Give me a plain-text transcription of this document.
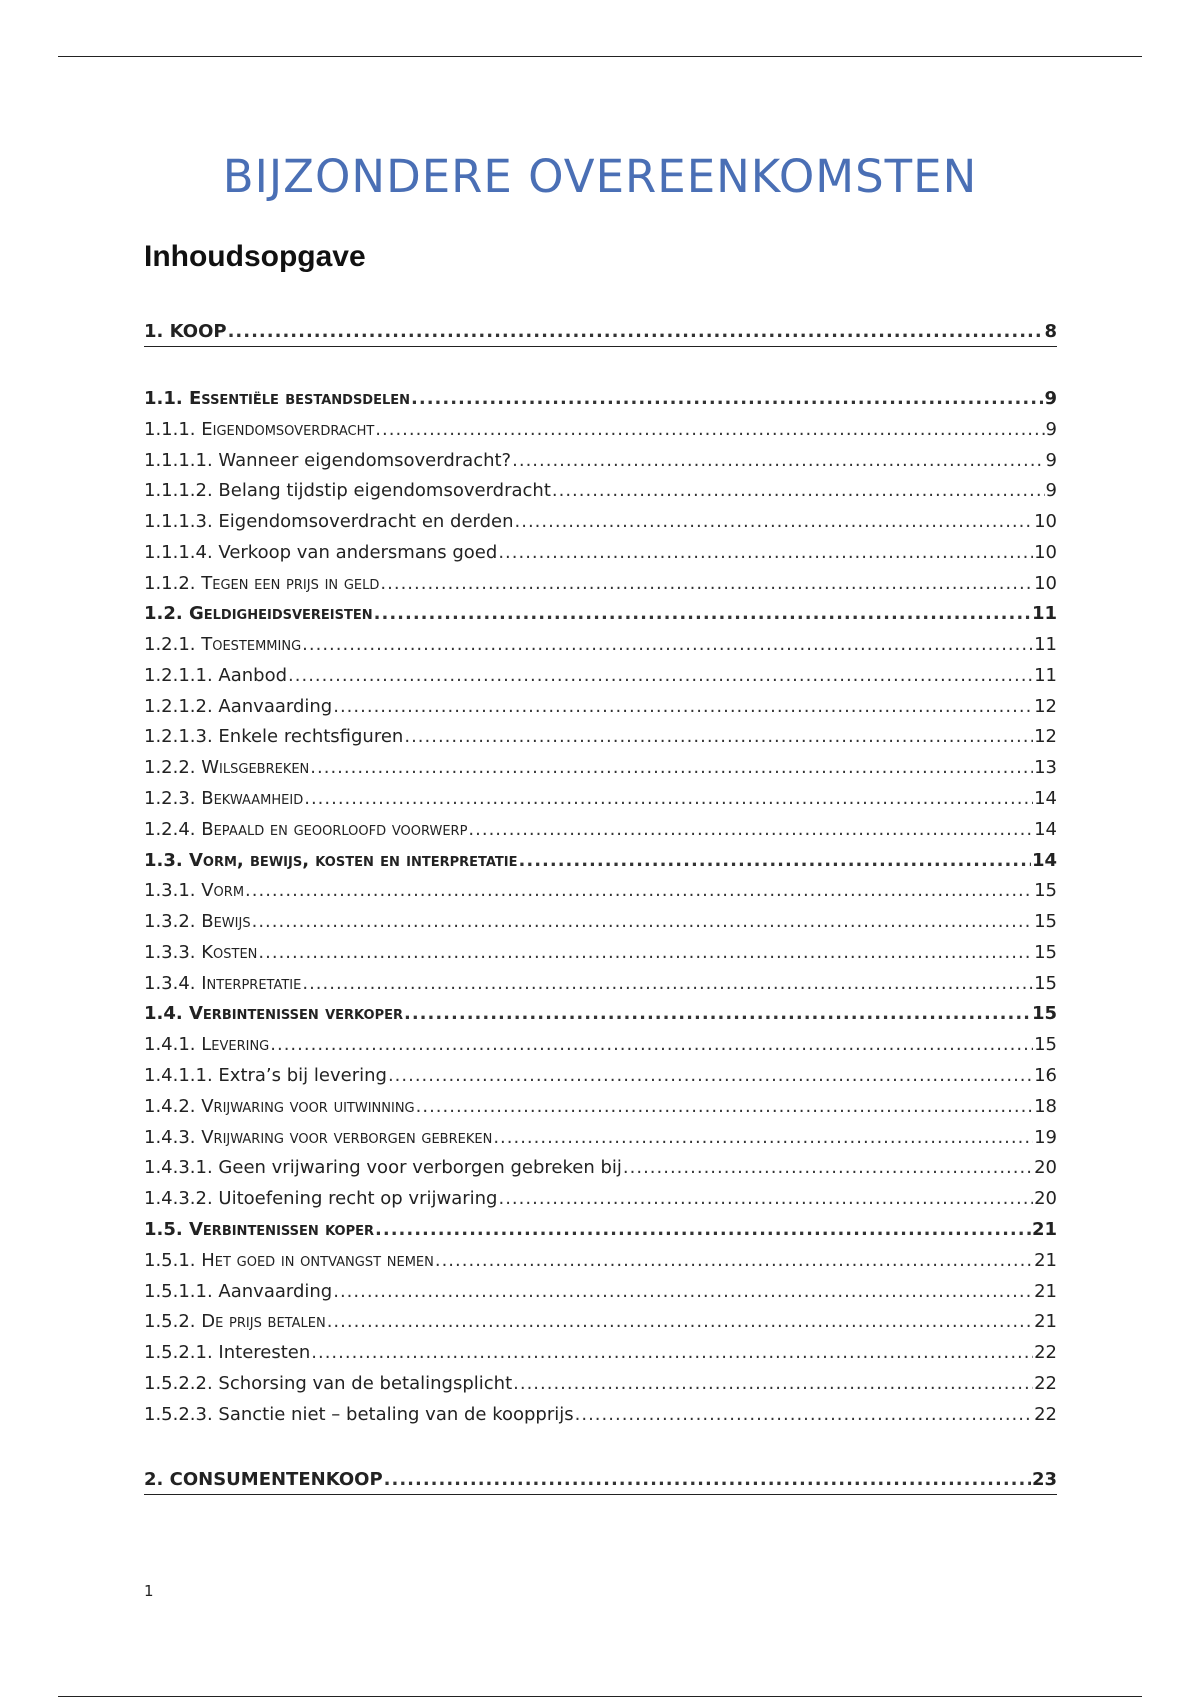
BIJZONDERE OVEREENKOMSTEN
Inhoudsopgave
1. KOOP .....	8
1.1. Essentiële bestandsdelen .....	9
1.1.1. Eigendomsoverdracht .....	9
1.1.1.1. Wanneer eigendomsoverdracht? .....	9
1.1.1.2. Belang tijdstip eigendomsoverdracht .....	9
1.1.1.3. Eigendomsoverdracht en derden .....	10
1.1.1.4. Verkoop van andersmans goed .....	10
1.1.2. Tegen een prijs in geld .....	10
1.2. Geldigheidsvereisten .....	11
1.2.1. Toestemming .....	11
1.2.1.1. Aanbod .....	11
1.2.1.2. Aanvaarding .....	12
1.2.1.3. Enkele rechtsfiguren .....	12
1.2.2. Wilsgebreken .....	13
1.2.3. Bekwaamheid .....	14
1.2.4. Bepaald en geoorloofd voorwerp .....	14
1.3. Vorm, bewijs, kosten en interpretatie .....	14
1.3.1. Vorm .....	15
1.3.2. Bewijs .....	15
1.3.3. Kosten .....	15
1.3.4. Interpretatie .....	15
1.4. Verbintenissen verkoper .....	15
1.4.1. Levering .....	15
1.4.1.1. Extra’s bij levering .....	16
1.4.2. Vrijwaring voor uitwinning .....	18
1.4.3. Vrijwaring voor verborgen gebreken .....	19
1.4.3.1. Geen vrijwaring voor verborgen gebreken bij .....	20
1.4.3.2. Uitoefening recht op vrijwaring .....	20
1.5. Verbintenissen koper .....	21
1.5.1. Het goed in ontvangst nemen .....	21
1.5.1.1. Aanvaarding .....	21
1.5.2. De prijs betalen .....	21
1.5.2.1. Interesten .....	22
1.5.2.2. Schorsing van de betalingsplicht .....	22
1.5.2.3. Sanctie niet – betaling van de koopprijs .....	22
2. CONSUMENTENKOOP .....	23
1
